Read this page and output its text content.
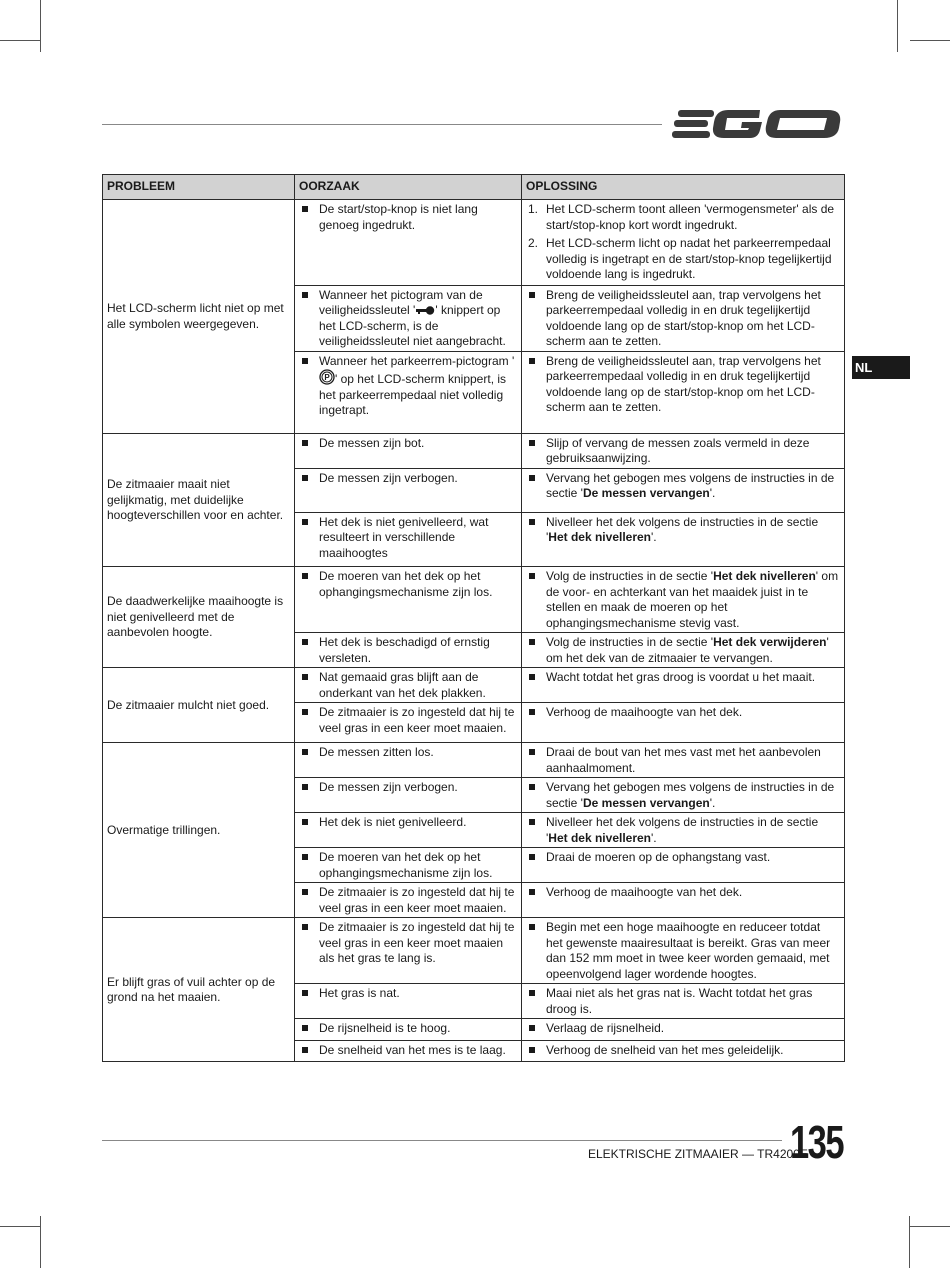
NL
PROBLEEM	OORZAAK	OPLOSSING
Het LCD-scherm licht niet op met alle symbolen weergegeven.	De start/stop-knop is niet lang genoeg ingedrukt.	1. Het LCD-scherm toont alleen 'vermogensmeter' als de start/stop-knop kort wordt ingedrukt.
2. Het LCD-scherm licht op nadat het parkeerrempedaal volledig is ingetrapt en de start/stop-knop tegelijkertijd voldoende lang is ingedrukt.

	Wanneer het pictogram van de veiligheidssleutel ' ' knippert op het LCD-scherm, is de veiligheidssleutel niet aangebracht.	Breng de veiligheidssleutel aan, trap vervolgens het parkeerrempedaal volledig in en druk tegelijkertijd voldoende lang op de start/stop-knop om het LCD-scherm aan te zetten.

	Wanneer het parkeerrem-pictogram '
P ' op het LCD-scherm knippert, is het parkeerrempedaal niet volledig ingetrapt.	Breng de veiligheidssleutel aan, trap vervolgens het parkeerrempedaal volledig in en druk tegelijkertijd voldoende lang op de start/stop-knop om het LCD-scherm aan te zetten.

De zitmaaier maait niet gelijkmatig, met duidelijke hoogteverschillen voor en achter.	De messen zijn bot.	Slijp of vervang de messen zoals vermeld in deze gebruiksaanwijzing.

	De messen zijn verbogen.	Vervang het gebogen mes volgens de instructies in de sectie 'De messen vervangen'.

	Het dek is niet genivelleerd, wat resulteert in verschillende maaihoogtes	Nivelleer het dek volgens de instructies in de sectie 'Het dek nivelleren'.

De daadwerkelijke maaihoogte is niet genivelleerd met de aanbevolen hoogte.	De moeren van het dek op het ophangingsmechanisme zijn los.	Volg de instructies in de sectie 'Het dek nivelleren' om de voor- en achterkant van het maaidek juist in te stellen en maak de moeren op het ophangingsmechanisme stevig vast.

	Het dek is beschadigd of ernstig versleten.	Volg de instructies in de sectie 'Het dek verwijderen' om het dek van de zitmaaier te vervangen.

De zitmaaier mulcht niet goed.	Nat gemaaid gras blijft aan de onderkant van het dek plakken.	Wacht totdat het gras droog is voordat u het maait.

	De zitmaaier is zo ingesteld dat hij te veel gras in een keer moet maaien.	Verhoog de maaihoogte van het dek.

Overmatige trillingen.	De messen zitten los.	Draai de bout van het mes vast met het aanbevolen aanhaalmoment.

	De messen zijn verbogen.	Vervang het gebogen mes volgens de instructies in de sectie 'De messen vervangen'.

	Het dek is niet genivelleerd.	Nivelleer het dek volgens de instructies in de sectie 'Het dek nivelleren'.

	De moeren van het dek op het ophangingsmechanisme zijn los.	Draai de moeren op de ophangstang vast.

	De zitmaaier is zo ingesteld dat hij te veel gras in een keer moet maaien.	Verhoog de maaihoogte van het dek.

Er blijft gras of vuil achter op de grond na het maaien.	De zitmaaier is zo ingesteld dat hij te veel gras in een keer moet maaien als het gras te lang is.	Begin met een hoge maaihoogte en reduceer totdat het gewenste maairesultaat is bereikt. Gras van meer dan 152 mm moet in twee keer worden gemaaid, met opeenvolgend lager wordende hoogtes.

	Het gras is nat.	Maai niet als het gras nat is. Wacht totdat het gras droog is.

	De rijsnelheid is te hoog.	Verlaag de rijsnelheid.

	De snelheid van het mes is te laag.	Verhoog de snelheid van het mes geleidelijk.
ELEKTRISCHE ZITMAAIER — TR4200E
135
